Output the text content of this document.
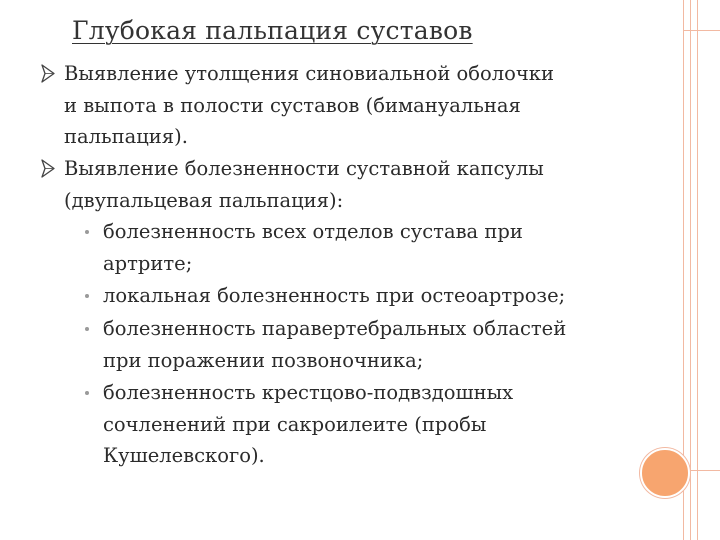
Глубокая пальпация суставов
Выявление утолщения синовиальной оболочки
и выпота в полости суставов (бимануальная
пальпация).
Выявление болезненности суставной капсулы
(двупальцевая пальпация):
болезненность всех отделов сустава при
артрите;
локальная болезненность при остеоартрозе;
болезненность паравертебральных областей
при поражении позвоночника;
болезненность крестцово-подвздошных
сочленений при сакроилеите (пробы
Кушелевского).
